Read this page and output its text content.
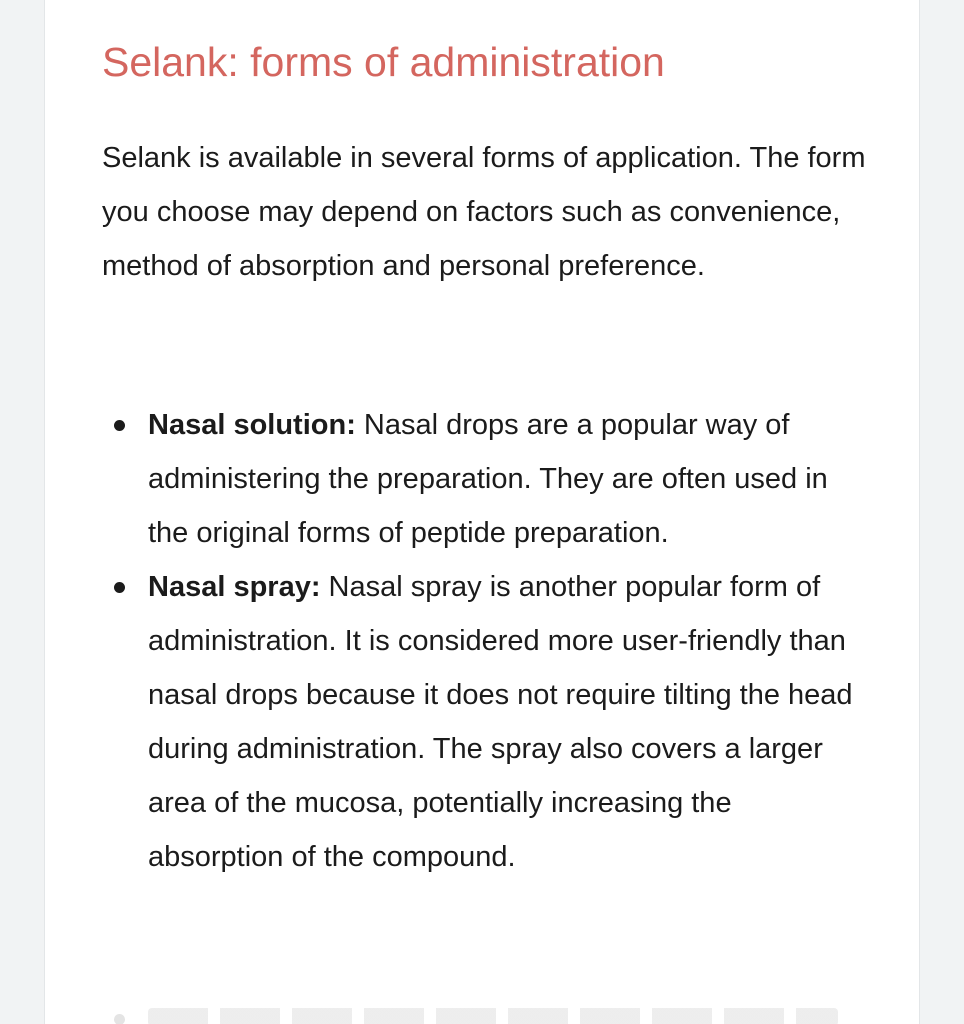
Selank: forms of administration

Selank is available in several forms of application. The form you choose may depend on factors such as convenience, method of absorption and personal preference.

Nasal solution: Nasal drops are a popular way of administering the preparation. They are often used in the original forms of peptide preparation.
Nasal spray: Nasal spray is another popular form of administration. It is considered more user-friendly than nasal drops because it does not require tilting the head during administration. The spray also covers a larger area of the mucosa, potentially increasing the absorption of the compound.
